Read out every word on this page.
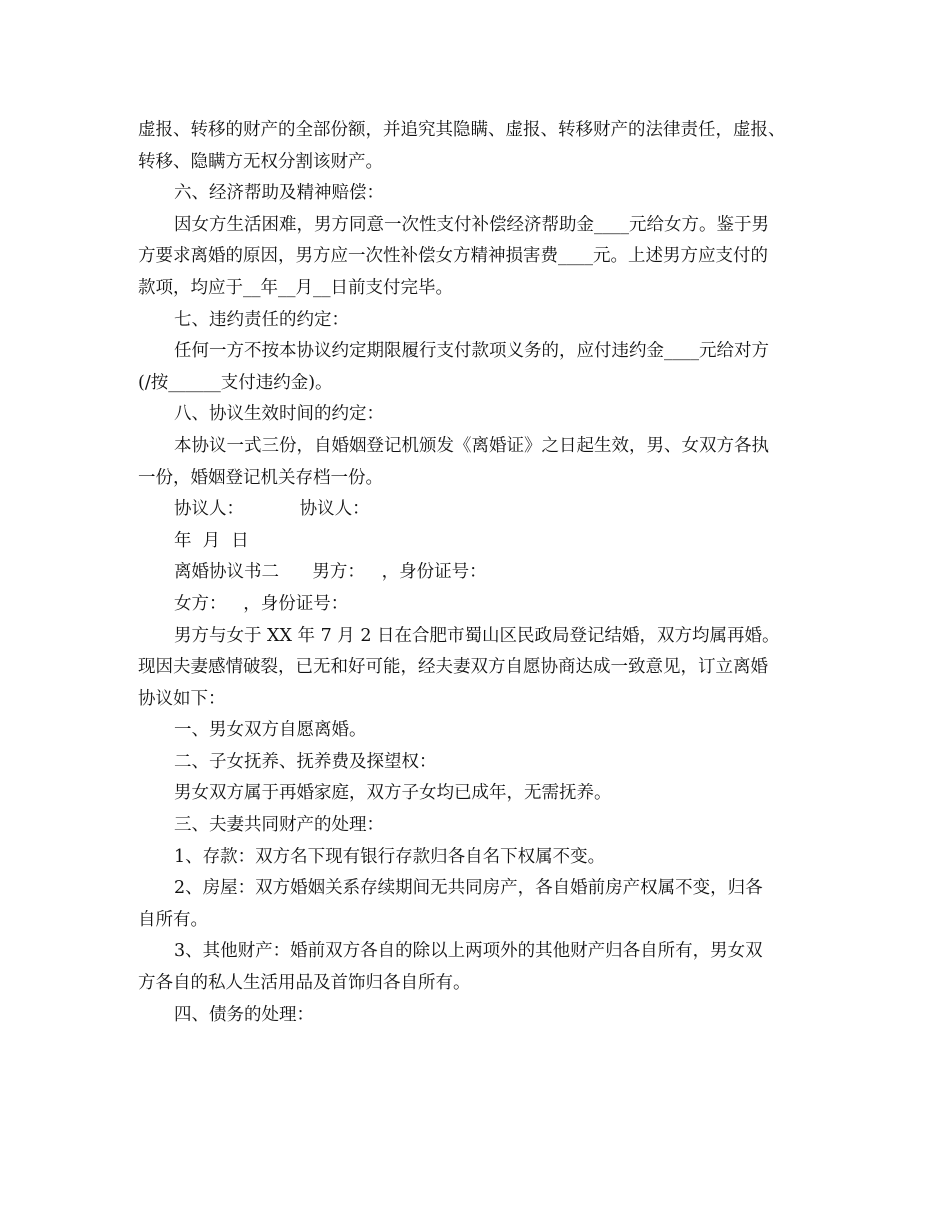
虚报、转移的财产的全部份额，并追究其隐瞒、虚报、转移财产的法律责任，虚报、
转移、隐瞒方无权分割该财产。
六、经济帮助及精神赔偿：
因女方生活困难，男方同意一次性支付补偿经济帮助金____元给女方。鉴于男
方要求离婚的原因，男方应一次性补偿女方精神损害费____元。上述男方应支付的
款项，均应于__年__月__日前支付完毕。
七、违约责任的约定：
任何一方不按本协议约定期限履行支付款项义务的，应付违约金____元给对方
(/按______支付违约金)。
八、协议生效时间的约定：
本协议一式三份，自婚姻登记机颁发《离婚证》之日起生效，男、女双方各执
一份，婚姻登记机关存档一份。
协议人：          协议人：
年  月  日
离婚协议书二      男方：   ，身份证号：
女方：   ，身份证号：
男方与女于 XX 年 7 月 2 日在合肥市蜀山区民政局登记结婚，双方均属再婚。
现因夫妻感情破裂，已无和好可能，经夫妻双方自愿协商达成一致意见，订立离婚
协议如下：
一、男女双方自愿离婚。
二、子女抚养、抚养费及探望权：
男女双方属于再婚家庭，双方子女均已成年，无需抚养。
三、夫妻共同财产的处理：
1、存款：双方名下现有银行存款归各自名下权属不变。
2、房屋：双方婚姻关系存续期间无共同房产，各自婚前房产权属不变，归各
自所有。
3、其他财产：婚前双方各自的除以上两项外的其他财产归各自所有，男女双
方各自的私人生活用品及首饰归各自所有。
四、债务的处理：
